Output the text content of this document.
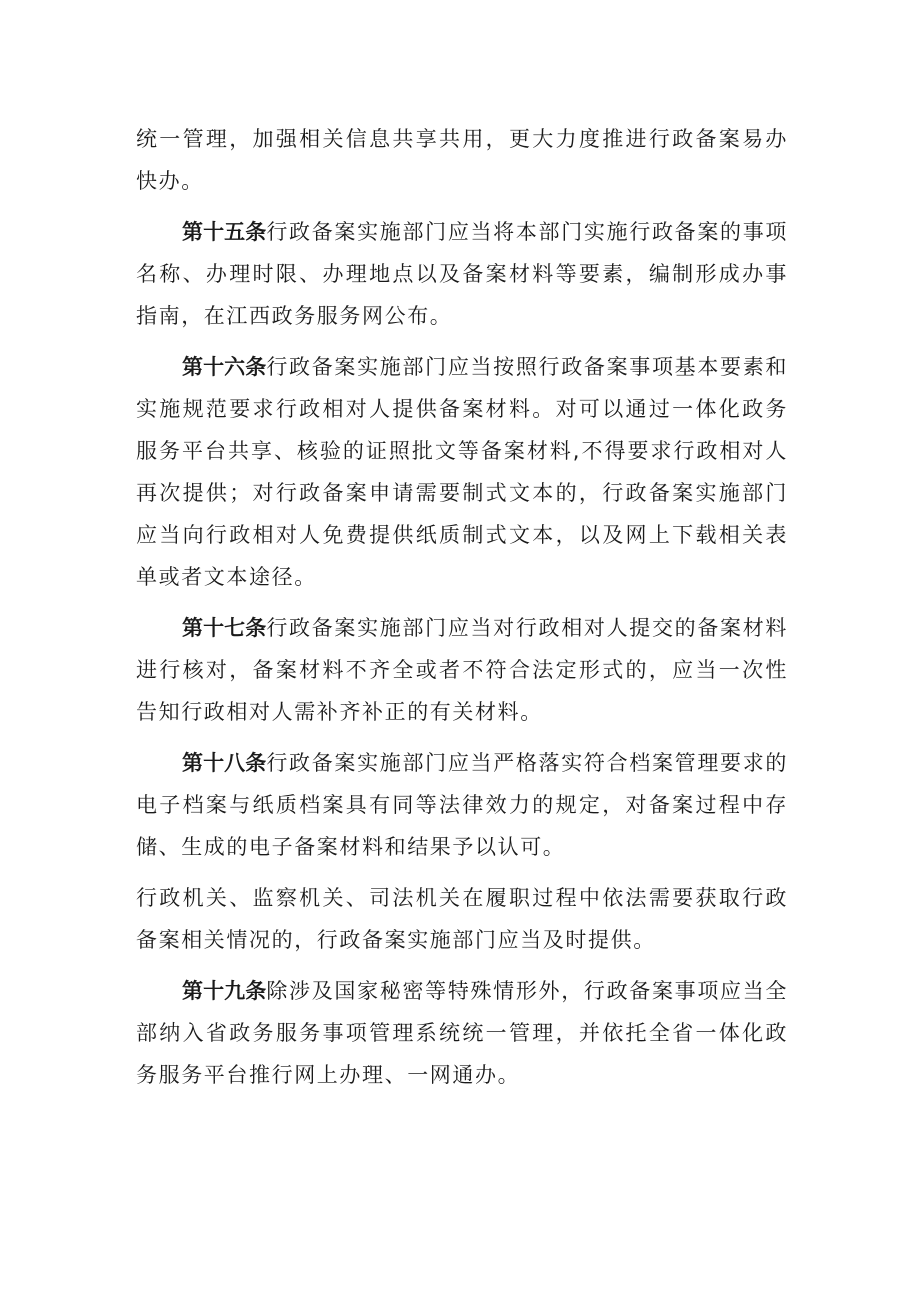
统一管理，加强相关信息共享共用，更大力度推进行政备案易办快办。

第十五条行政备案实施部门应当将本部门实施行政备案的事项名称、办理时限、办理地点以及备案材料等要素，编制形成办事指南，在江西政务服务网公布。

第十六条行政备案实施部门应当按照行政备案事项基本要素和实施规范要求行政相对人提供备案材料。对可以通过一体化政务服务平台共享、核验的证照批文等备案材料,不得要求行政相对人再次提供；对行政备案申请需要制式文本的，行政备案实施部门应当向行政相对人免费提供纸质制式文本，以及网上下载相关表单或者文本途径。

第十七条行政备案实施部门应当对行政相对人提交的备案材料进行核对，备案材料不齐全或者不符合法定形式的，应当一次性告知行政相对人需补齐补正的有关材料。

第十八条行政备案实施部门应当严格落实符合档案管理要求的电子档案与纸质档案具有同等法律效力的规定，对备案过程中存储、生成的电子备案材料和结果予以认可。

行政机关、监察机关、司法机关在履职过程中依法需要获取行政备案相关情况的，行政备案实施部门应当及时提供。

第十九条除涉及国家秘密等特殊情形外，行政备案事项应当全部纳入省政务服务事项管理系统统一管理，并依托全省一体化政务服务平台推行网上办理、一网通办。
